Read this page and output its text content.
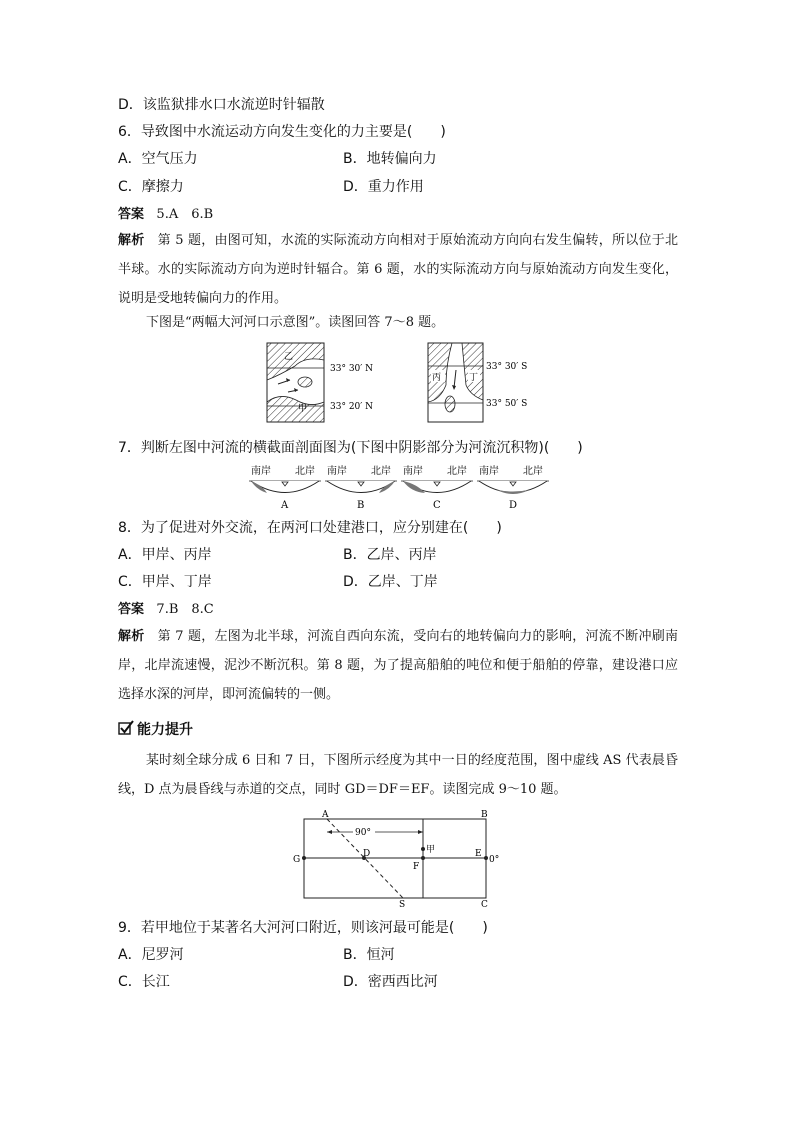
D．该监狱排水口水流逆时针辐散
6．导致图中水流运动方向发生变化的力主要是(　　)
A．空气压力	B．地转偏向力
C．摩擦力	D．重力作用
答案 5.A　6.B
解析 第 5 题，由图可知，水流的实际流动方向相对于原始流动方向向右发生偏转，所以位于北半球。水的实际流动方向为逆时针辐合。第 6 题，水的实际流动方向与原始流动方向发生变化，说明是受地转偏向力的作用。
下图是“两幅大河河口示意图”。读图回答 7～8 题。
乙
甲
33° 30′ N
33° 20′ N
丙	丁
33° 30′ S
33° 50′ S
7．判断左图中河流的横截面剖面图为(下图中阴影部分为河流沉积物)(　　)
南岸 北岸
A
南岸 北岸
B
南岸 北岸
C
南岸 北岸
D
8．为了促进对外交流，在两河口处建港口，应分别建在(　　)
A．甲岸、丙岸	B．乙岸、丙岸
C．甲岸、丁岸	D．乙岸、丁岸
答案 7.B　8.C
解析 第 7 题，左图为北半球，河流自西向东流，受向右的地转偏向力的影响，河流不断冲刷南岸，北岸流速慢，泥沙不断沉积。第 8 题，为了提高船舶的吨位和便于船舶的停靠，建设港口应选择水深的河岸，即河流偏转的一侧。
能力提升
某时刻全球分成 6 日和 7 日，下图所示经度为其中一日的经度范围，图中虚线 AS 代表晨昏线，D 点为晨昏线与赤道的交点，同时 GD＝DF＝EF。读图完成 9～10 题。
90°
A	B
C
D	E
F
G
S
甲
0°
9．若甲地位于某著名大河河口附近，则该河最可能是(　　)
A．尼罗河	B．恒河
C．长江	D．密西西比河
